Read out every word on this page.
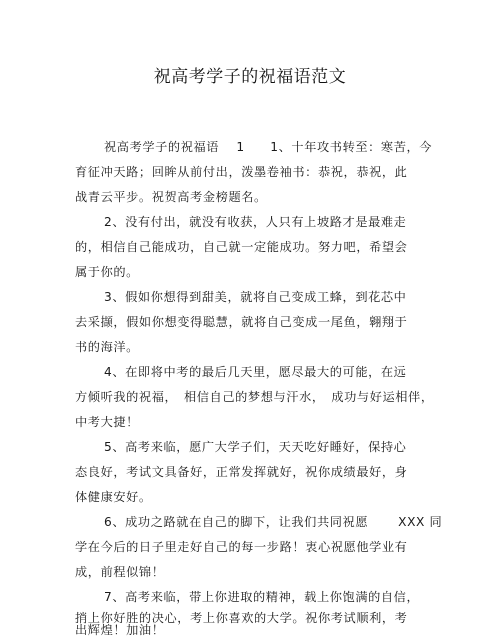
祝高考学子的祝福语范文
祝高考学子的祝福语　 1　　1、十年攻书转至：寒苦，今
育征冲天路；回眸从前付出，泼墨卷袖书：恭祝，恭祝，此
战青云平步。祝贺高考金榜题名。
2、没有付出，就没有收获，人只有上坡路才是最难走
的，相信自己能成功，自己就一定能成功。努力吧，希望会
属于你的。
3、假如你想得到甜美，就将自己变成工蜂，到花芯中
去采撷，假如你想变得聪慧，就将自己变成一尾鱼，翱翔于
书的海洋。
4、在即将中考的最后几天里，愿尽最大的可能，在远
方倾听我的祝福，　相信自己的梦想与汗水，　成功与好运相伴，
中考大捷！
5、高考来临，愿广大学子们，天天吃好睡好，保持心
态良好，考试文具备好，正常发挥就好，祝你成绩最好，身
体健康安好。
6、成功之路就在自己的脚下，让我们共同祝愿　　 XXX 同
学在今后的日子里走好自己的每一步路！衷心祝愿他学业有
成，前程似锦！
7、高考来临，带上你进取的精神，载上你饱满的自信，
捎上你好胜的决心，考上你喜欢的大学。祝你考试顺利，考
出辉煌！加油！
